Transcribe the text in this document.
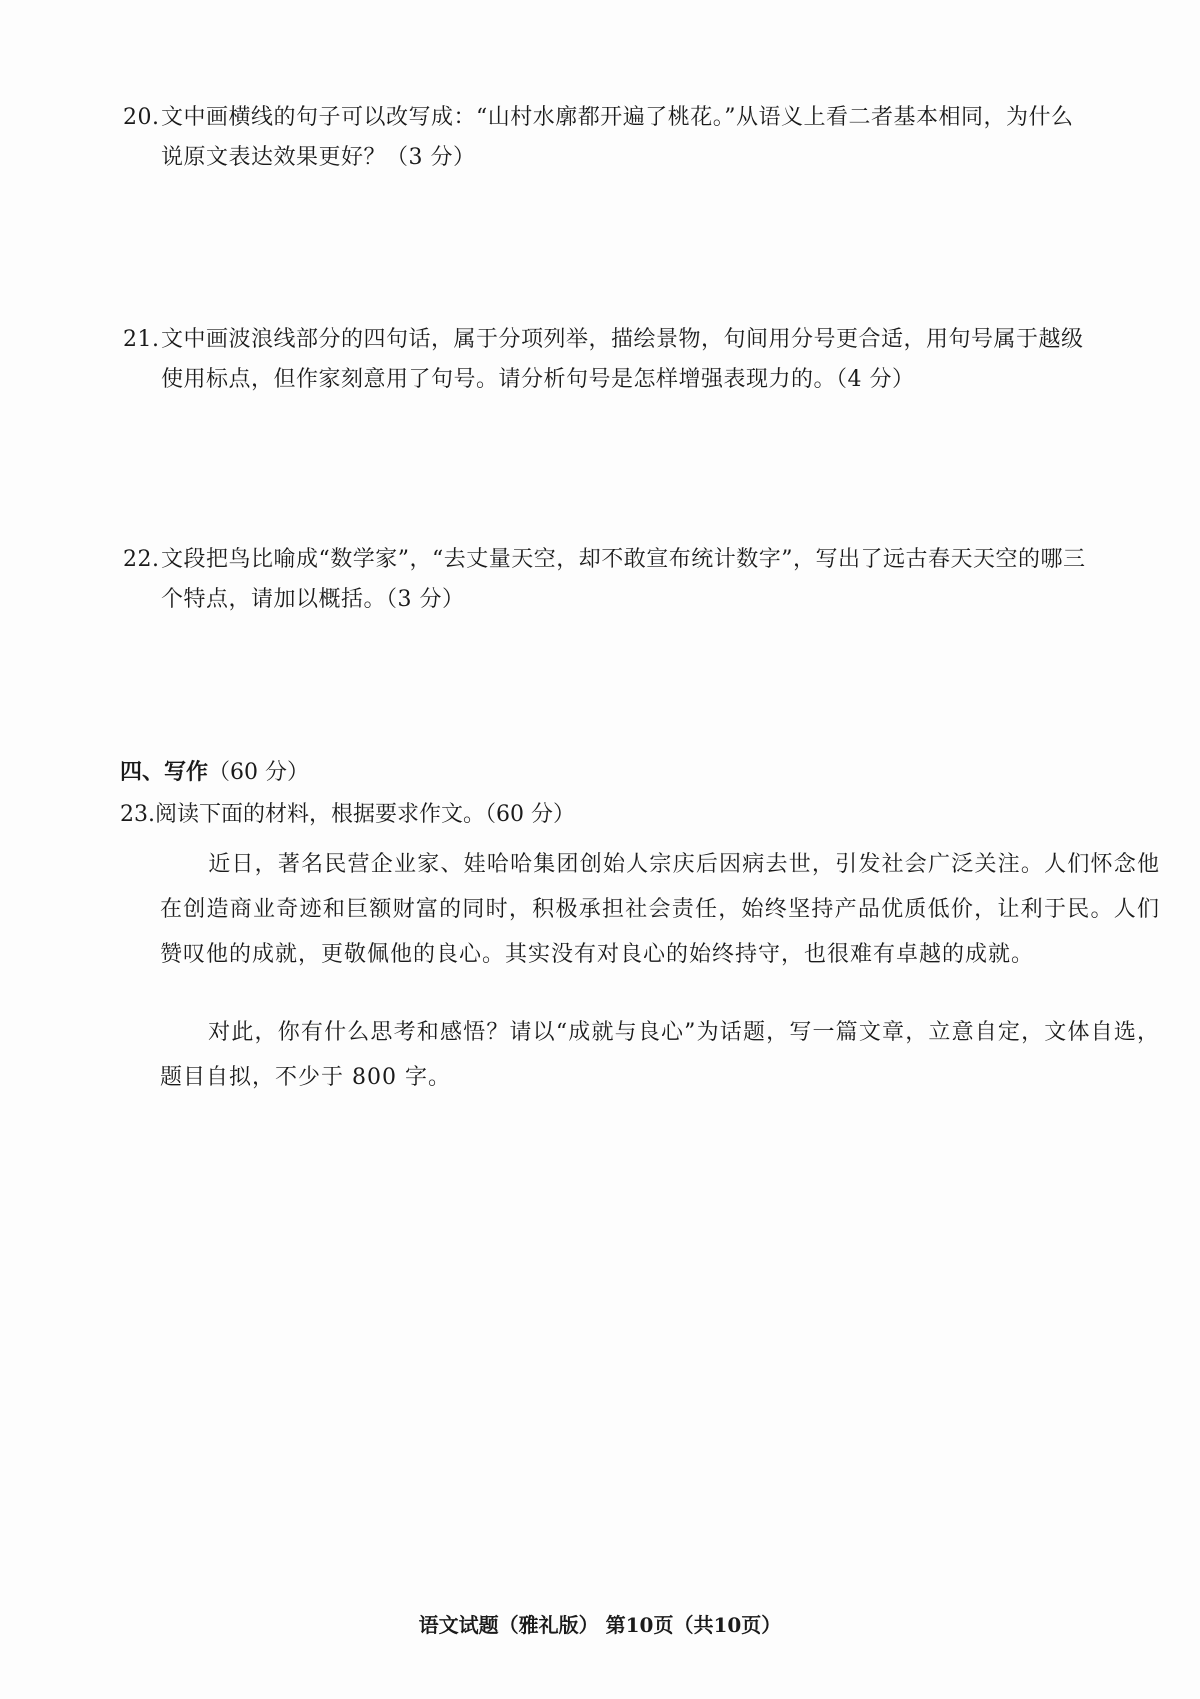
20.文中画横线的句子可以改写成：“山村水廓都开遍了桃花。”从语义上看二者基本相同，为什么
说原文表达效果更好？（3 分）
21.文中画波浪线部分的四句话，属于分项列举，描绘景物，句间用分号更合适，用句号属于越级
使用标点，但作家刻意用了句号。请分析句号是怎样增强表现力的。（4 分）
22.文段把鸟比喻成“数学家”，“去丈量天空，却不敢宣布统计数字”，写出了远古春天天空的哪三
个特点，请加以概括。（3 分）
四、写作（60 分）
23.阅读下面的材料，根据要求作文。（60 分）
近日，著名民营企业家、娃哈哈集团创始人宗庆后因病去世，引发社会广泛关注。人们怀念他在创造商业奇迹和巨额财富的同时，积极承担社会责任，始终坚持产品优质低价，让利于民。人们赞叹他的成就，更敬佩他的良心。其实没有对良心的始终持守，也很难有卓越的成就。
对此，你有什么思考和感悟？请以“成就与良心”为话题，写一篇文章，立意自定，文体自选，题目自拟，不少于 800 字。
语文试题（雅礼版） 第10页（共10页）
